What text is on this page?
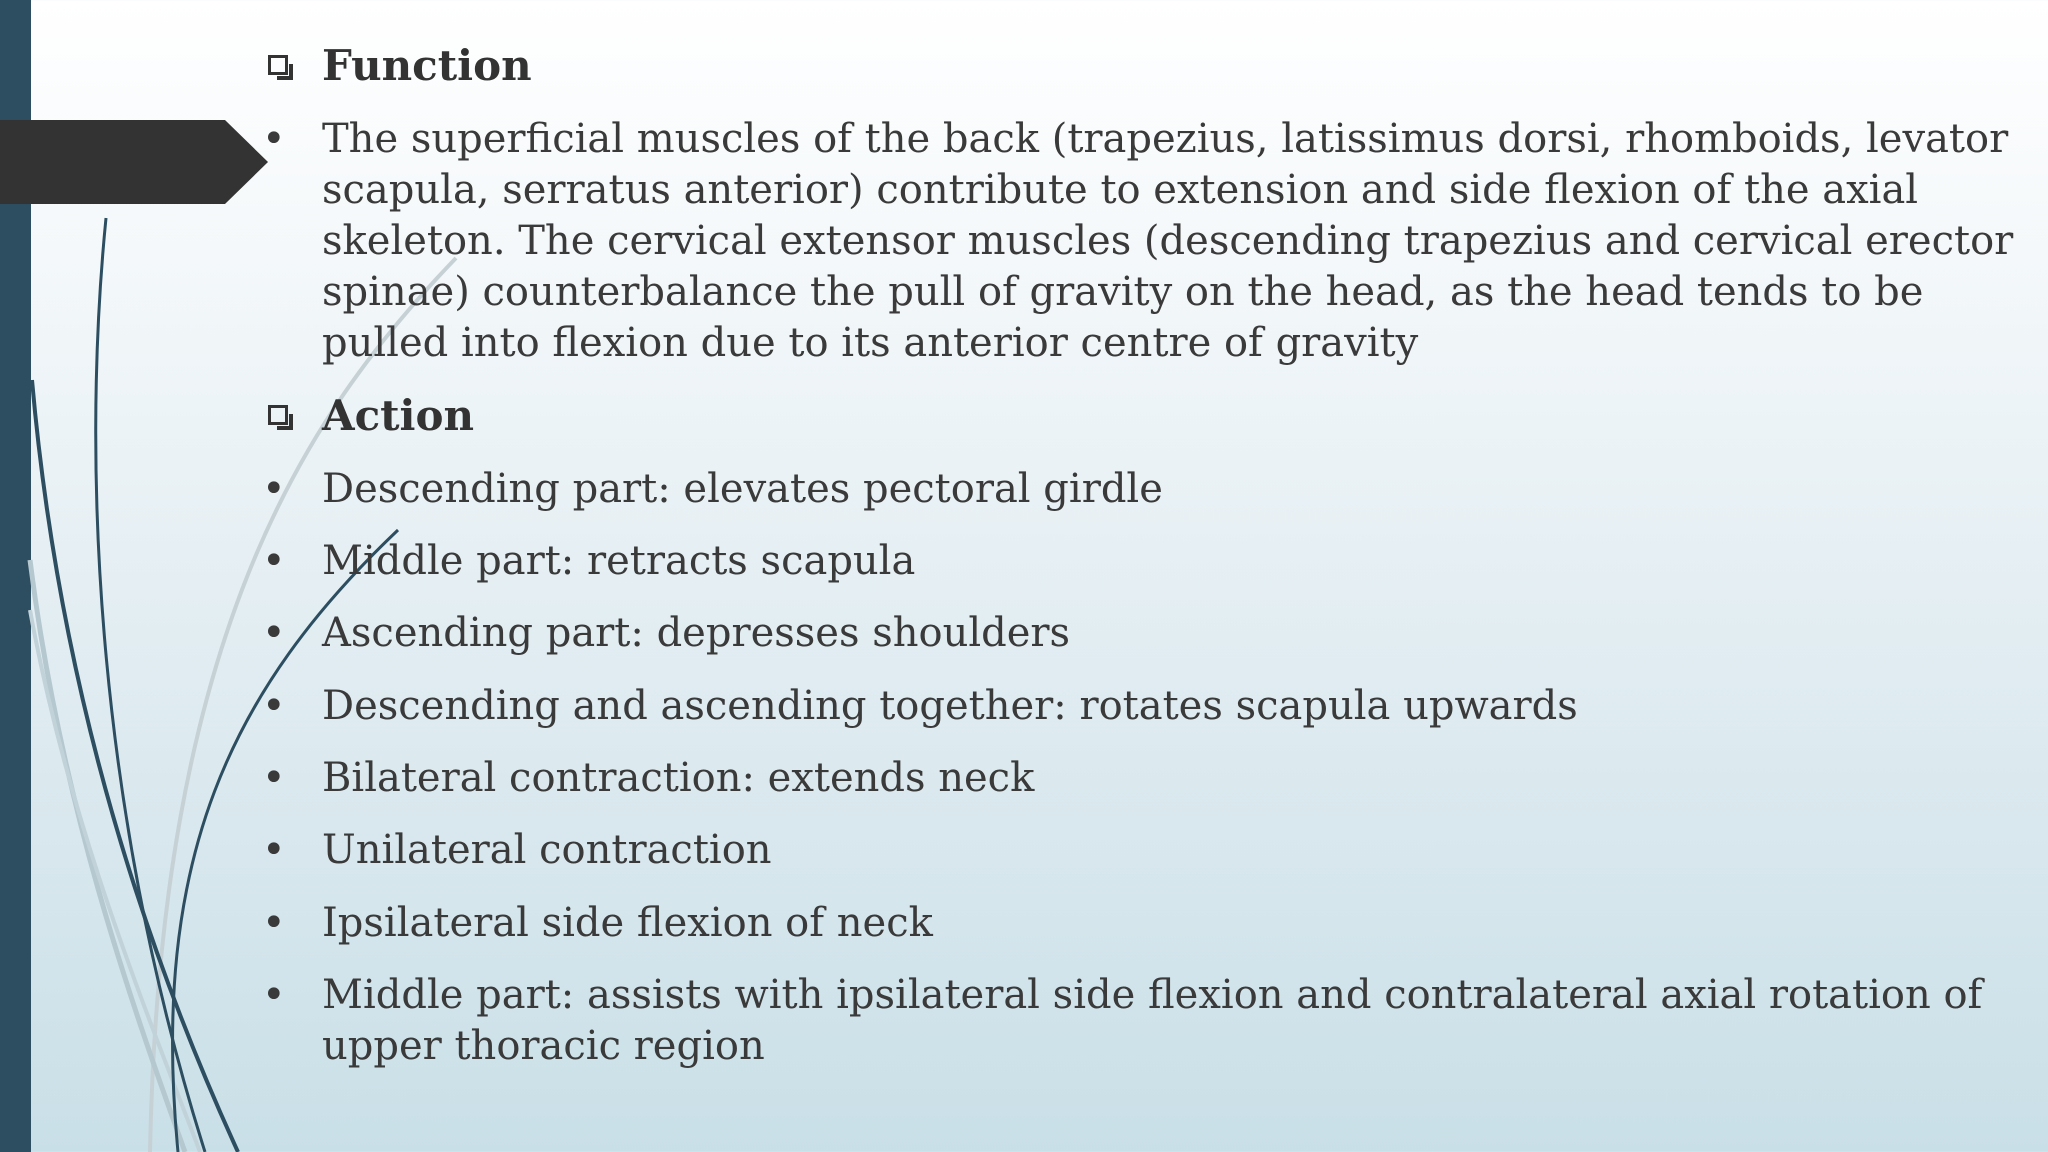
Function
• The superficial muscles of the back (trapezius, latissimus dorsi, rhomboids, levator scapula, serratus anterior) contribute to extension and side flexion of the axial skeleton. The cervical extensor muscles (descending trapezius and cervical erector spinae) counterbalance the pull of gravity on the head, as the head tends to be pulled into flexion due to its anterior centre of gravity
Action
• Descending part: elevates pectoral girdle
• Middle part: retracts scapula
• Ascending part: depresses shoulders
• Descending and ascending together: rotates scapula upwards
• Bilateral contraction: extends neck
• Unilateral contraction
• Ipsilateral side flexion of neck
• Middle part: assists with ipsilateral side flexion and contralateral axial rotation of upper thoracic region
